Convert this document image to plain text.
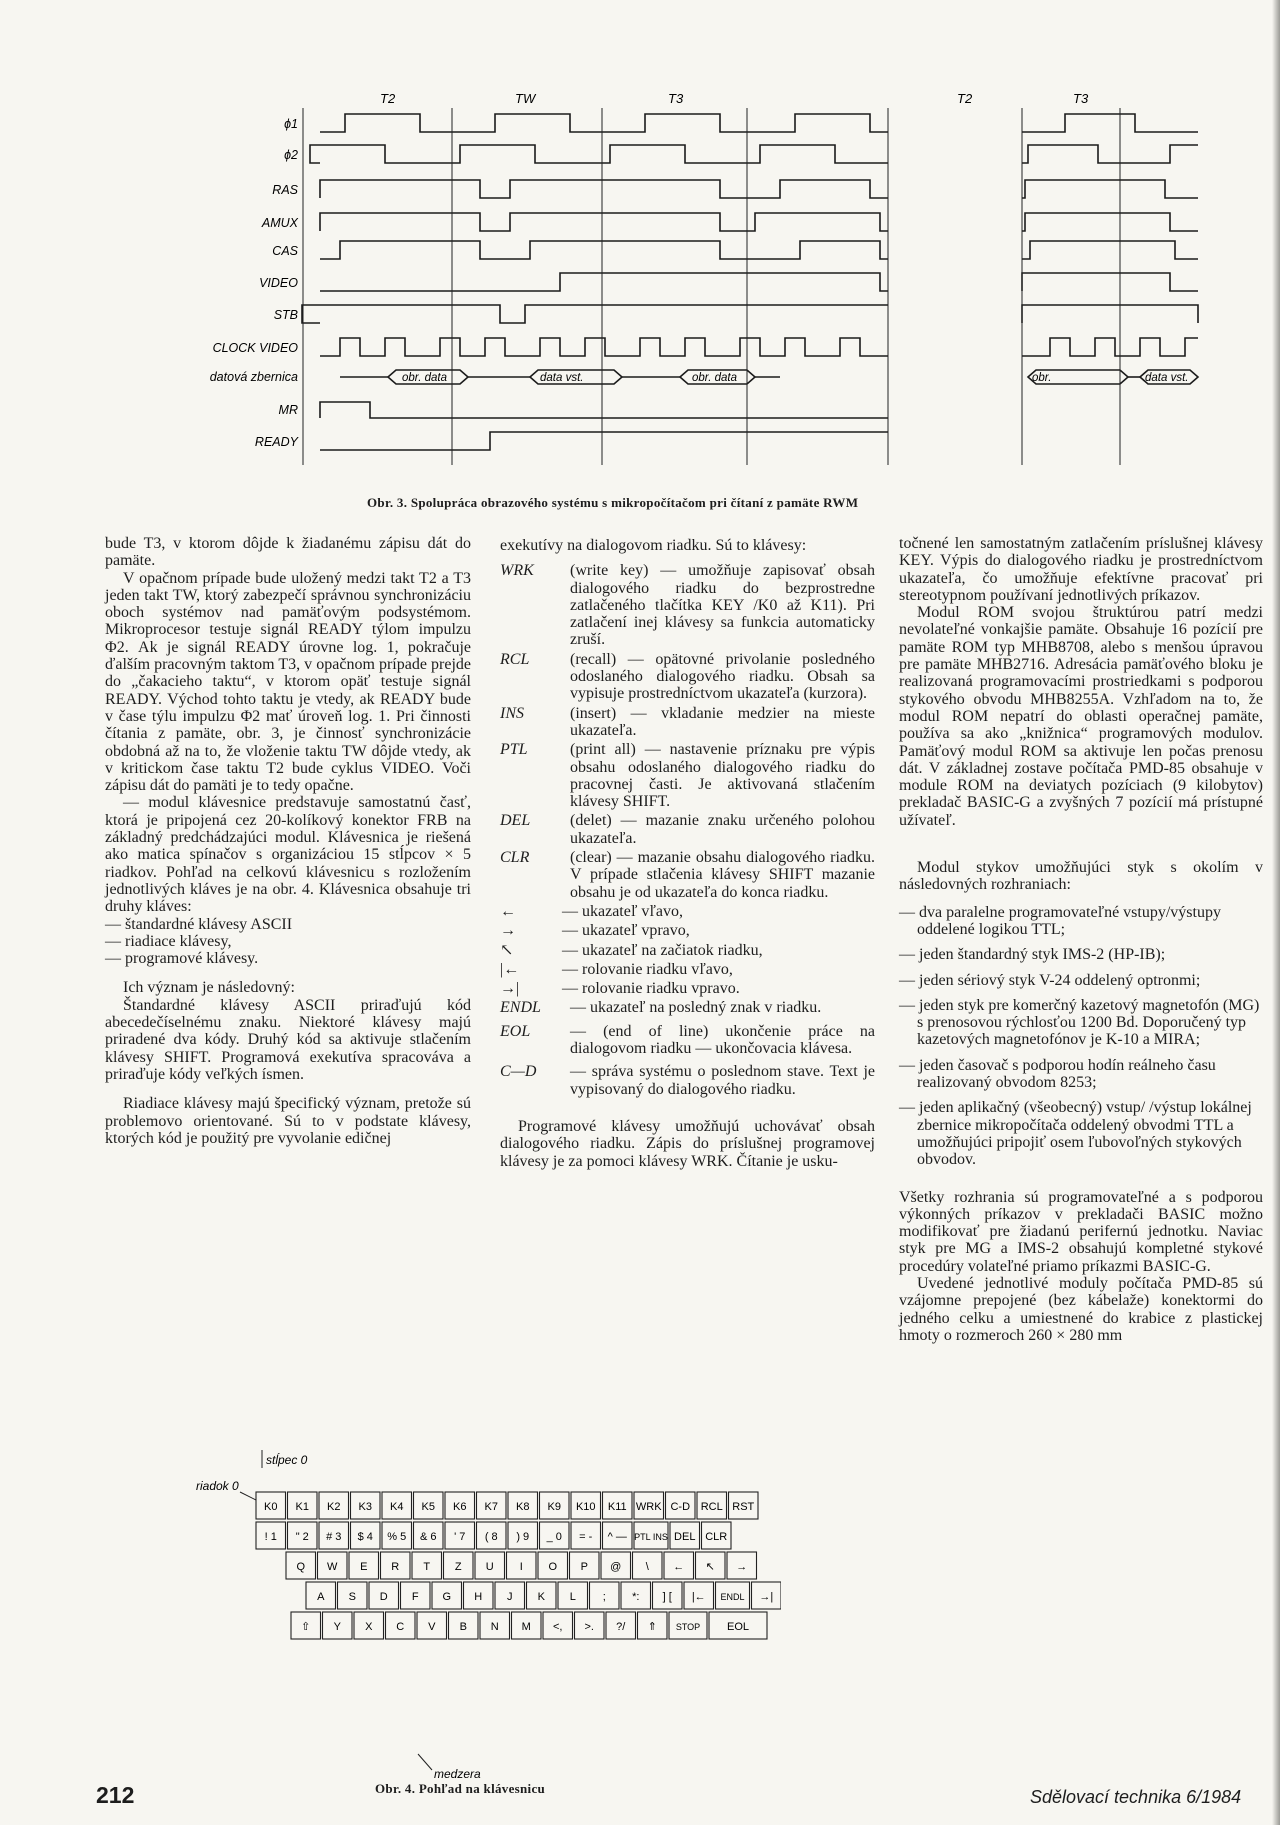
T2	TW	T3	T2	T3
ϕ1
ϕ2
RAS
AMUX
CAS
VIDEO
STB
CLOCK VIDEO
datová zbernica
MR
READY
obr. data	data vst.	obr. data	obr.	data vst.
Obr. 3. Spolupráca obrazového systému s mikropočítačom pri čítaní z pamäte RWM

bude T3, v ktorom dôjde k žiadanému zápisu dát do pamäte.

V opačnom prípade bude uložený medzi takt T2 a T3 jeden takt TW, ktorý zabezpečí správnou synchronizáciu oboch systémov nad pamäťovým podsystémom. Mikroprocesor testuje signál READY týlom impulzu Φ2. Ak je signál READY úrovne log. 1, pokračuje ďalším pracovným taktom T3, v opačnom prípade prejde do „čakacieho taktu“, v ktorom opäť testuje signál READY. Východ tohto taktu je vtedy, ak READY bude v čase týlu impulzu Φ2 mať úroveň log. 1. Pri činnosti čítania z pamäte, obr. 3, je činnosť synchronizácie obdobná až na to, že vloženie taktu TW dôjde vtedy, ak v kritickom čase taktu T2 bude cyklus VIDEO. Voči zápisu dát do pamäti je to tedy opačne.

— modul klávesnice predstavuje samostatnú časť, ktorá je pripojená cez 20-kolíkový konektor FRB na základný predchádzajúci modul. Klávesnica je riešená ako matica spínačov s organizáciou 15 stĺpcov × 5 riadkov. Pohľad na celkovú klávesnicu s rozložením jednotlivých kláves je na obr. 4. Klávesnica obsahuje tri druhy kláves:

— štandardné klávesy ASCII

— riadiace klávesy,

— programové klávesy.

Ich význam je následovný:

Štandardné klávesy ASCII priraďujú kód abecedečíselnému znaku. Niektoré klávesy majú priradené dva kódy. Druhý kód sa aktivuje stlačením klávesy SHIFT. Programová exekutíva spracováva a priraďuje kódy veľkých ísmen.

Riadiace klávesy majú špecifický význam, pretože sú problemovo orientované. Sú to v podstate klávesy, ktorých kód je použitý pre vyvolanie edičnej

exekutívy na dialogovom riadku. Sú to klávesy:

WRK	(write key) — umožňuje zapisovať obsah dialogového riadku do bezprostredne zatlačeného tlačítka KEY /K0 až K11). Pri zatlačení inej klávesy sa funkcia automaticky zruší.
RCL	(recall) — opätovné privolanie posledného odoslaného dialogového riadku. Obsah sa vypisuje prostredníctvom ukazateľa (kurzora).
INS	(insert) — vkladanie medzier na mieste ukazateľa.
PTL	(print all) — nastavenie príznaku pre výpis obsahu odoslaného dialogového riadku do pracovnej časti. Je aktivovaná stlačením klávesy SHIFT.
DEL	(delet) — mazanie znaku určeného polohou ukazateľa.
CLR	(clear) — mazanie obsahu dialogového riadku. V prípade stlačenia klávesy SHIFT mazanie obsahu je od ukazateľa do konca riadku.
←	— ukazateľ vľavo,
→	— ukazateľ vpravo,
↖	— ukazateľ na začiatok riadku,
|←	— rolovanie riadku vľavo,
→|	— rolovanie riadku vpravo.
ENDL	— ukazateľ na posledný znak v riadku.
EOL	— (end of line) ukončenie práce na dialogovom riadku — ukončovacia klávesa.
C—D	— správa systému o poslednom stave. Text je vypisovaný do dialogového riadku.

Programové klávesy umožňujú uchovávať obsah dialogového riadku. Zápis do príslušnej programovej klávesy je za pomoci klávesy WRK. Čítanie je usku-

točnené len samostatným zatlačením príslušnej klávesy KEY. Výpis do dialogového riadku je prostredníctvom ukazateľa, čo umožňuje efektívne pracovať pri stereotypnom používaní jednotlivých príkazov.

Modul ROM svojou štruktúrou patrí medzi nevolateľné vonkajšie pamäte. Obsahuje 16 pozícií pre pamäte ROM typ MHB8708, alebo s menšou úpravou pre pamäte MHB2716. Adresácia pamäťového bloku je realizovaná programovacími prostriedkami s podporou stykového obvodu MHB8255A. Vzhľadom na to, že modul ROM nepatrí do oblasti operačnej pamäte, používa sa ako „knižnica“ programových modulov. Pamäťový modul ROM sa aktivuje len počas prenosu dát. V základnej zostave počítača PMD-85 obsahuje v module ROM na deviatych pozíciach (9 kilobytov) prekladač BASIC-G a zvyšných 7 pozícií má prístupné užívateľ.

Modul stykov umožňujúci styk s okolím v následovných rozhraniach:

— dva paralelne programovateľné vstupy/výstupy oddelené logikou TTL;

— jeden štandardný styk IMS-2 (HP-IB);

— jeden sériový styk V-24 oddelený optronmi;

— jeden styk pre komerčný kazetový magnetofón (MG) s prenosovou rýchlosťou 1200 Bd. Doporučený typ kazetových magnetofónov je K-10 a MIRA;

— jeden časovač s podporou hodín reálneho času realizovaný obvodom 8253;

— jeden aplikačný (všeobecný) vstup/ /výstup lokálnej zbernice mikropočítača oddelený obvodmi TTL a umožňujúci pripojiť osem ľubovoľných stykových obvodov.

Všetky rozhrania sú programovateľné a s podporou výkonných príkazov v prekladači BASIC možno modifikovať pre žiadanú perifernú jednotku. Naviac styk pre MG a IMS-2 obsahujú kompletné stykové procedúry volateľné priamo príkazmi BASIC-G.

Uvedené jednotlivé moduly počítača PMD-85 sú vzájomne prepojené (bez kábelaže) konektormi do jedného celku a umiestnené do krabice z plastickej hmoty o rozmeroch 260 × 280 mm

stĺpec 0
riadok 0
K0 K1 K2 K3 K4 K5 K6 K7 K8 K9 K10 K11 WRK C-D RCL RST
! 1 " 2 # 3 $ 4 % 5 & 6 ' 7 ( 8 ) 9 _ 0 = - ^ — PTL INS DEL CLR
Q W E R T Z U I O P @ \ ← ↖ →
A S D F G H J K L ; *: ] [ |← ENDL →|
⇧ Y X C V B N M <, >. ?/ ⇑ STOP EOL
medzera
Obr. 4. Pohľad na klávesnicu
212	Sdělovací technika 6/1984
